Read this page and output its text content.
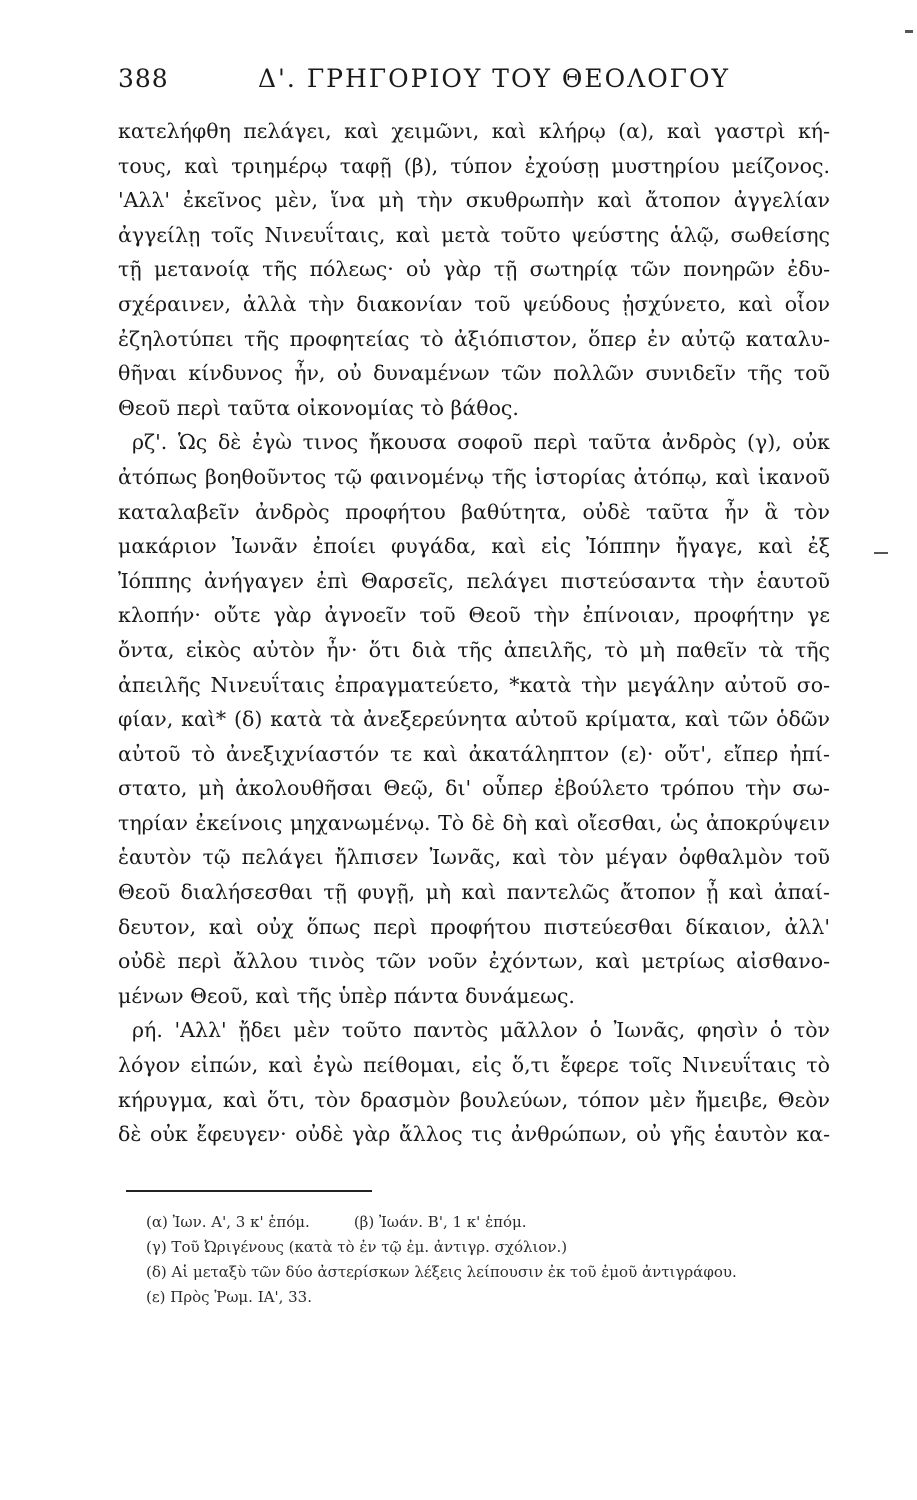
388	Δ'. ΓΡΗΓΟΡΙΟΥ ΤΟΥ ΘΕΟΛΟΓΟΥ
κατελήφθη πελάγει, καὶ χειμῶνι, καὶ κλήρῳ (α), καὶ γαστρὶ κή-
τους, καὶ τριημέρῳ ταφῇ (β), τύπον ἐχούσῃ μυστηρίου μείζονος.
'Αλλ' ἐκεῖνος μὲν, ἵνα μὴ τὴν σκυθρωπὴν καὶ ἄτοπον ἀγγελίαν
ἀγγείλῃ τοῖς Νινευΐταις, καὶ μετὰ τοῦτο ψεύστης ἁλῷ, σωθείσης
τῇ μετανοίᾳ τῆς πόλεως· οὐ γὰρ τῇ σωτηρίᾳ τῶν πονηρῶν ἐδυ-
σχέραινεν, ἀλλὰ τὴν διακονίαν τοῦ ψεύδους ᾐσχύνετο, καὶ οἷον
ἐζηλοτύπει τῆς προφητείας τὸ ἀξιόπιστον, ὅπερ ἐν αὐτῷ καταλυ-
θῆναι κίνδυνος ἦν, οὐ δυναμένων τῶν πολλῶν συνιδεῖν τῆς τοῦ
Θεοῦ περὶ ταῦτα οἰκονομίας τὸ βάθος.
ρζ'. Ὡς δὲ ἐγὼ τινος ἤκουσα σοφοῦ περὶ ταῦτα ἀνδρὸς (γ), οὐκ
ἀτόπως βοηθοῦντος τῷ φαινομένῳ τῆς ἱστορίας ἀτόπῳ, καὶ ἱκανοῦ
καταλαβεῖν ἀνδρὸς προφήτου βαθύτητα, οὐδὲ ταῦτα ἦν ἃ τὸν
μακάριον Ἰωνᾶν ἐποίει φυγάδα, καὶ εἰς Ἰόππην ἤγαγε, καὶ ἐξ
Ἰόππης ἀνήγαγεν ἐπὶ Θαρσεῖς, πελάγει πιστεύσαντα τὴν ἑαυτοῦ
κλοπήν· οὔτε γὰρ ἀγνοεῖν τοῦ Θεοῦ τὴν ἐπίνοιαν, προφήτην γε
ὄντα, εἰκὸς αὐτὸν ἦν· ὅτι διὰ τῆς ἀπειλῆς, τὸ μὴ παθεῖν τὰ τῆς
ἀπειλῆς Νινευΐταις ἐπραγματεύετο, *κατὰ τὴν μεγάλην αὐτοῦ σο-
φίαν, καὶ* (δ) κατὰ τὰ ἀνεξερεύνητα αὐτοῦ κρίματα, καὶ τῶν ὁδῶν
αὐτοῦ τὸ ἀνεξιχνίαστόν τε καὶ ἀκατάληπτον (ε)· οὔτ', εἴπερ ἠπί-
στατο, μὴ ἀκολουθῆσαι Θεῷ, δι' οὗπερ ἐβούλετο τρόπου τὴν σω-
τηρίαν ἐκείνοις μηχανωμένῳ. Τὸ δὲ δὴ καὶ οἴεσθαι, ὡς ἀποκρύψειν
ἑαυτὸν τῷ πελάγει ἤλπισεν Ἰωνᾶς, καὶ τὸν μέγαν ὀφθαλμὸν τοῦ
Θεοῦ διαλήσεσθαι τῇ φυγῇ, μὴ καὶ παντελῶς ἄτοπον ᾖ καὶ ἀπαί-
δευτον, καὶ οὐχ ὅπως περὶ προφήτου πιστεύεσθαι δίκαιον, ἀλλ'
οὐδὲ περὶ ἄλλου τινὸς τῶν νοῦν ἐχόντων, καὶ μετρίως αἰσθανο-
μένων Θεοῦ, καὶ τῆς ὑπὲρ πάντα δυνάμεως.
ρή. 'Αλλ' ᾔδει μὲν τοῦτο παντὸς μᾶλλον ὁ Ἰωνᾶς, φησὶν ὁ τὸν
λόγον εἰπών, καὶ ἐγὼ πείθομαι, εἰς ὅ,τι ἔφερε τοῖς Νινευΐταις τὸ
κήρυγμα, καὶ ὅτι, τὸν δρασμὸν βουλεύων, τόπον μὲν ἤμειβε, Θεὸν
δὲ οὐκ ἔφευγεν· οὐδὲ γὰρ ἄλλος τις ἀνθρώπων, οὐ γῆς ἑαυτὸν κα-
(α) Ἰων. Α', 3 κ' ἑπόμ.	(β) Ἰωάν. Β', 1 κ' ἑπόμ.
(γ) Τοῦ Ὠριγένους (κατὰ τὸ ἐν τῷ ἐμ. ἀντιγρ. σχόλιον.)
(δ) Αἱ μεταξὺ τῶν δύο ἀστερίσκων λέξεις λείπουσιν ἐκ τοῦ ἐμοῦ ἀντιγράφου.
(ε) Πρὸς Ῥωμ. ΙΑ', 33.
